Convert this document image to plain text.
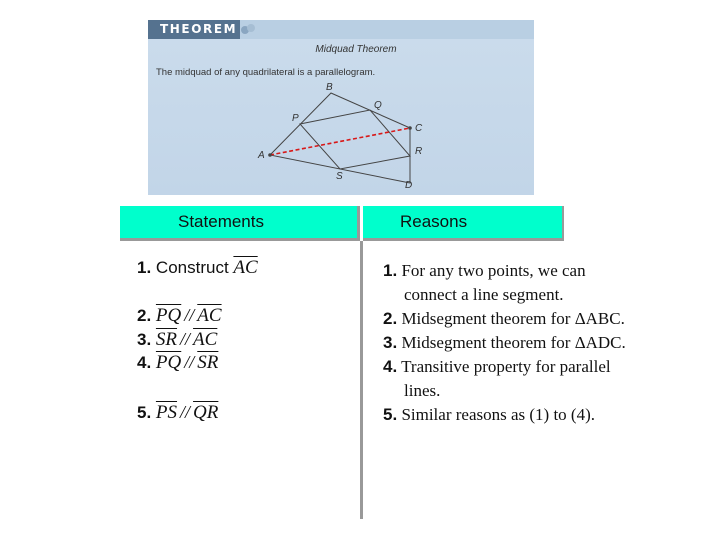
THEOREM
Midquad Theorem
The midquad of any quadrilateral is a parallelogram.
A
B
C
D
P
Q
R
S
Statements	Reasons
1. Construct $\overline{AC}$
2. $\overline{PQ} // \overline{AC}$
3. $\overline{SR} // \overline{AC}$
4. $\overline{PQ} // \overline{SR}$
5. $\overline{PS} // \overline{QR}$
1. For any two points, we can
connect a line segment.
2. Midsegment theorem for ΔABC.
3. Midsegment theorem for ΔADC.
4. Transitive property for parallel
lines.
5. Similar reasons as (1) to (4).
